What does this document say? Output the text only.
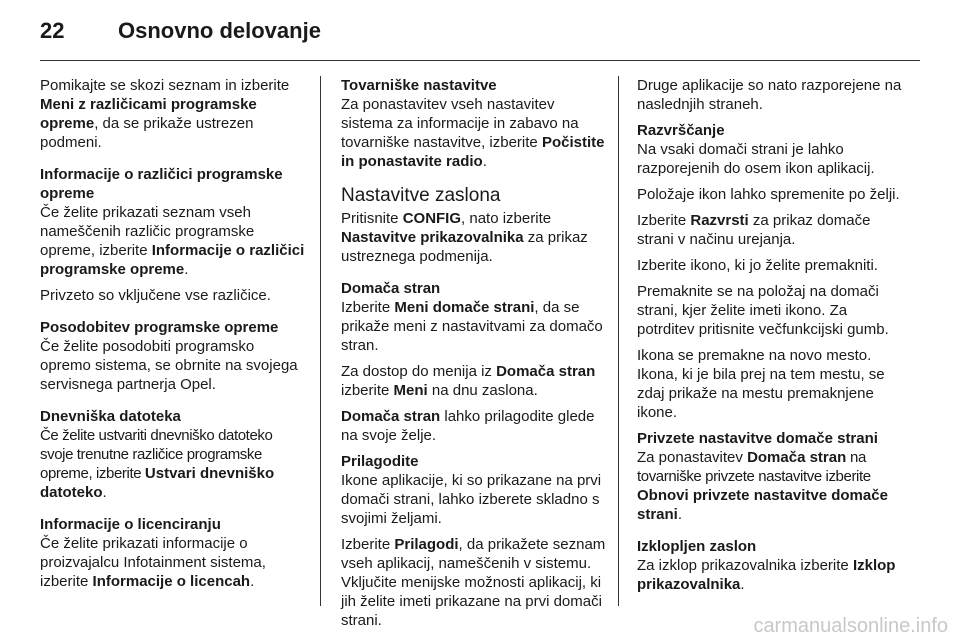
22	Osnovno delovanje

Pomikajte se skozi seznam in izberite Meni z različicami programske opreme, da se prikaže ustrezen podmeni.

Informacije o različici programske opreme
Če želite prikazati seznam vseh nameščenih različic programske opreme, izberite Informacije o različici programske opreme.

Privzeto so vključene vse različice.

Posodobitev programske opreme
Če želite posodobiti programsko opremo sistema, se obrnite na svojega servisnega partnerja Opel.

Dnevniška datoteka
Če želite ustvariti dnevniško datoteko svoje trenutne različice programske opreme, izberite Ustvari dnevniško datoteko.

Informacije o licenciranju
Če želite prikazati informacije o proizvajalcu Infotainment sistema, izberite Informacije o licencah.

Tovarniške nastavitve
Za ponastavitev vseh nastavitev sistema za informacije in zabavo na tovarniške nastavitve, izberite Počistite in ponastavite radio.

Nastavitve zaslona

Pritisnite CONFIG, nato izberite Nastavitve prikazovalnika za prikaz ustreznega podmenija.

Domača stran
Izberite Meni domače strani, da se prikaže meni z nastavitvami za domačo stran.

Za dostop do menija iz Domača stran izberite Meni na dnu zaslona.

Domača stran lahko prilagodite glede na svoje želje.

Prilagodite
Ikone aplikacije, ki so prikazane na prvi domači strani, lahko izberete skladno s svojimi željami.

Izberite Prilagodi, da prikažete seznam vseh aplikacij, nameščenih v sistemu. Vključite menijske možnosti aplikacij, ki jih želite imeti prikazane na prvi domači strani.

Druge aplikacije so nato razporejene na naslednjih straneh.

Razvrščanje
Na vsaki domači strani je lahko razporejenih do osem ikon aplikacij.

Položaje ikon lahko spremenite po želji.

Izberite Razvrsti za prikaz domače strani v načinu urejanja.

Izberite ikono, ki jo želite premakniti.

Premaknite se na položaj na domači strani, kjer želite imeti ikono. Za potrditev pritisnite večfunkcijski gumb.

Ikona se premakne na novo mesto. Ikona, ki je bila prej na tem mestu, se zdaj prikaže na mestu premaknjene ikone.

Privzete nastavitve domače strani
Za ponastavitev Domača stran na tovarniške privzete nastavitve izberite Obnovi privzete nastavitve domače strani.

Izklopljen zaslon
Za izklop prikazovalnika izberite Izklop prikazovalnika.

carmanualsonline.info
